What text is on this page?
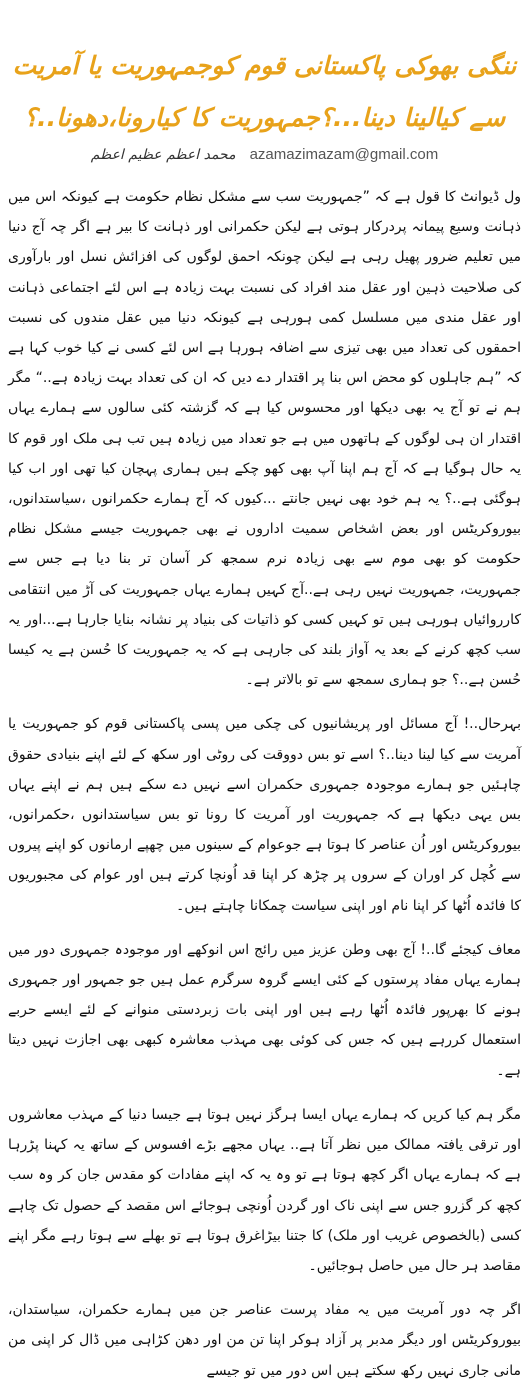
ننگی بھوکی پاکستانی قوم کوجمہوریت یا آمریت سے کیالینا دینا...؟جمہوریت کا کیارونا،دھونا..؟
محمد اعظم عظیم اعظم azamazimazam@gmail.com

ول ڈیوانٹ کا قول ہے کہ ”جمہوریت سب سے مشکل نظام حکومت ہے کیونکہ اس میں ذہانت وسیع پیمانہ پردرکار ہوتی ہے لیکن حکمرانی اور ذہانت کا بیر ہے اگر چہ آج دنیا میں تعلیم ضرور پھیل رہی ہے لیکن چونکہ احمق لوگوں کی افزائش نسل اور بارآوری کی صلاحیت ذہین اور عقل مند افراد کی نسبت بہت زیادہ ہے اس لئے اجتماعی ذہانت اور عقل مندی میں مسلسل کمی ہورہی ہے کیونکہ دنیا میں عقل مندوں کی نسبت احمقوں کی تعداد میں بھی تیزی سے اضافہ ہورہا ہے اس لئے کسی نے کیا خوب کہا ہے کہ ”ہم جاہلوں کو محض اس بنا پر اقتدار دے دیں کہ ان کی تعداد بہت زیادہ ہے..“ مگر ہم نے تو آج یہ بھی دیکھا اور محسوس کیا ہے کہ گزشتہ کئی سالوں سے ہمارے یہاں اقتدار ان ہی لوگوں کے ہاتھوں میں ہے جو تعداد میں زیادہ ہیں تب ہی ملک اور قوم کا یہ حال ہوگیا ہے کہ آج ہم اپنا آپ بھی کھو چکے ہیں ہماری پہچان کیا تھی اور اب کیا ہوگئی ہے..؟ یہ ہم خود بھی نہیں جانتے ...کیوں کہ آج ہمارے حکمرانوں ،سیاستدانوں، بیوروکریٹس اور بعض اشخاص سمیت اداروں نے بھی جمہوریت جیسے مشکل نظام حکومت کو بھی موم سے بھی زیادہ نرم سمجھ کر آسان تر بنا دیا ہے جس سے جمہوریت، جمہوریت نہیں رہی ہے..آج کہیں ہمارے یہاں جمہوریت کی آڑ میں انتقامی کارروائیاں ہورہی ہیں تو کہیں کسی کو ذاتیات کی بنیاد پر نشانہ بنایا جارہا ہے...اور یہ سب کچھ کرنے کے بعد یہ آواز بلند کی جارہی ہے کہ یہ جمہوریت کا حُسن ہے یہ کیسا حُسن ہے..؟ جو ہماری سمجھ سے تو بالاتر ہے۔

بہرحال..! آج مسائل اور پریشانیوں کی چکی میں پسی پاکستانی قوم کو جمہوریت یا آمریت سے کیا لینا دینا..؟ اسے تو بس دووقت کی روٹی اور سکھ کے لئے اپنے بنیادی حقوق چاہئیں جو ہمارے موجودہ جمہوری حکمران اسے نہیں دے سکے ہیں ہم نے اپنے یہاں بس یہی دیکھا ہے کہ جمہوریت اور آمریت کا رونا تو بس سیاستدانوں ،حکمرانوں، بیوروکریٹس اور اُن عناصر کا ہوتا ہے جوعوام کے سینوں میں چھپے ارمانوں کو اپنے پیروں سے کُچل کر اوران کے سروں پر چڑھ کر اپنا قد اُونچا کرتے ہیں اور عوام کی مجبوریوں کا فائدہ اُٹھا کر اپنا نام اور اپنی سیاست چمکانا چاہتے ہیں۔

معاف کیجئے گا..! آج بھی وطن عزیز میں رائج اس انوکھے اور موجودہ جمہوری دور میں ہمارے یہاں مفاد پرستوں کے کئی ایسے گروہ سرگرم عمل ہیں جو جمہور اور جمہوری ہونے کا بھرپور فائدہ اُٹھا رہے ہیں اور اپنی بات زبردستی منوانے کے لئے ایسے حربے استعمال کررہے ہیں کہ جس کی کوئی بھی مہذب معاشرہ کبھی بھی اجازت نہیں دیتا ہے۔

مگر ہم کیا کریں کہ ہمارے یہاں ایسا ہرگز نہیں ہوتا ہے جیسا دنیا کے مہذب معاشروں اور ترقی یافتہ ممالک میں نظر آتا ہے.. یہاں مجھے بڑے افسوس کے ساتھ یہ کہنا پڑرہا ہے کہ ہمارے یہاں اگر کچھ ہوتا ہے تو وہ یہ کہ اپنے مفادات کو مقدس جان کر وہ سب کچھ کر گزرو جس سے اپنی ناک اور گردن اُونچی ہوجائے اس مقصد کے حصول تک چاہے کسی (بالخصوص غریب اور ملک) کا جتنا بیڑاغرق ہوتا ہے تو بھلے سے ہوتا رہے مگر اپنے مقاصد ہر حال میں حاصل ہوجائیں۔

اگر چہ دور آمریت میں یہ مفاد پرست عناصر جن میں ہمارے حکمران، سیاستدان، بیوروکریٹس اور دیگر مدبر پر آزاد ہوکر اپنا تن من اور دھن کڑاہی میں ڈال کر اپنی من مانی جاری نہیں رکھ سکتے ہیں اس دور میں تو جیسے
